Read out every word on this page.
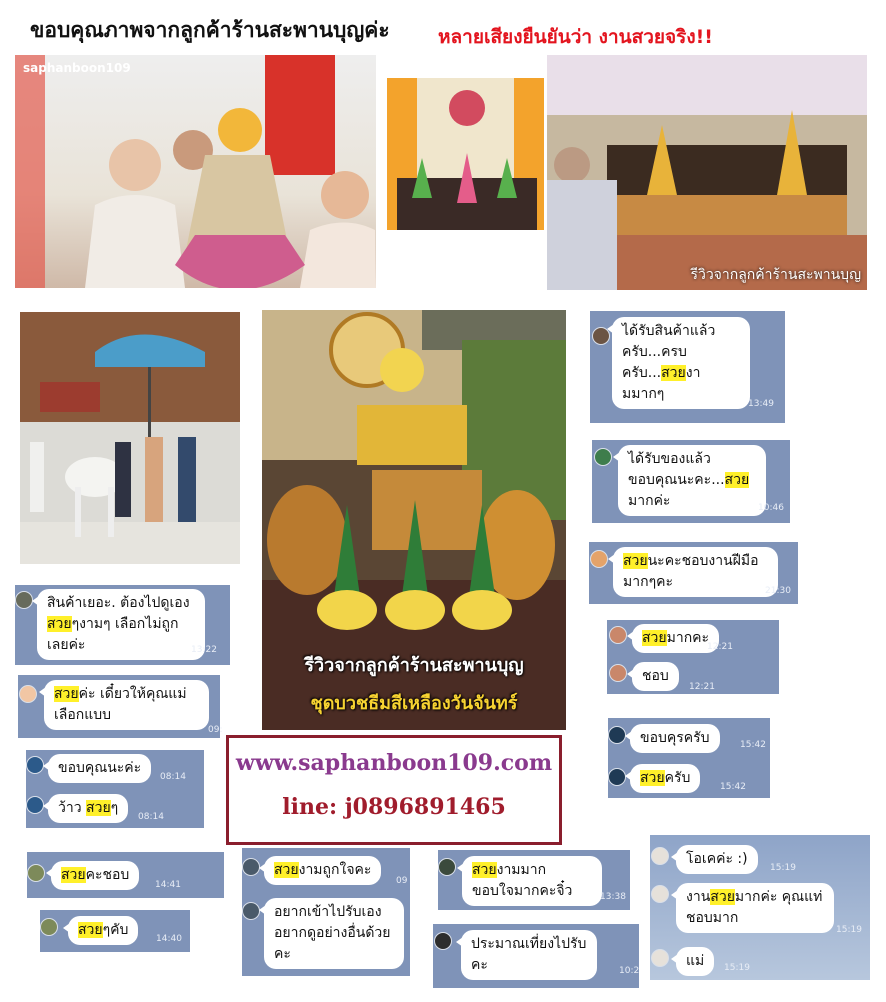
ขอบคุณภาพจากลูกค้าร้านสะพานบุญค่ะ	หลายเสียงยืนยันว่า งานสวยจริง!!
saphanboon109
รีวิวจากลูกค้าร้านสะพานบุญ
รีวิวจากลูกค้าร้านสะพานบุญ
ชุดบวชธีมสีเหลืองวันจันทร์
www.saphanboon109.com
line: j0896891465
ได้รับสินค้าแล้วครับ...ครบครับ...สวยงามมากๆ
13:49
ได้รับของแล้ว ขอบคุณนะคะ...สวยมากค่ะ	10:46
สวยนะคะชอบงานฝีมือมากๆคะ
21:30
สวยมากคะ
12:21
ชอบ
12:21
สินค้าเยอะ. ต้องไปดูเอง สวยๆงามๆ เลือกไม่ถูกเลยค่ะ	13:22
สวยค่ะ เดี๋ยวให้คุณแม่เลือกแบบ
09:
ขอบคุณนะค่ะ
08:14
ว้าว สวยๆ
08:14
ขอบคุรครับ	15:42
สวยครับ
15:42
สวยคะชอบ
14:41
สวยๆคับ
14:40
สวยงามถูกใจคะ
09
อยากเข้าไปรับเองอยากดูอย่างอื่นด้วยคะ
สวยงามมาก ขอบใจมากคะจิ๋ว	13:38
ประมาณเที่ยงไปรับคะ	10:2
โอเคค่ะ :)
15:19
งานสวยมากค่ะ คุณแท่ชอบมาก
15:19
แม่	15:19
